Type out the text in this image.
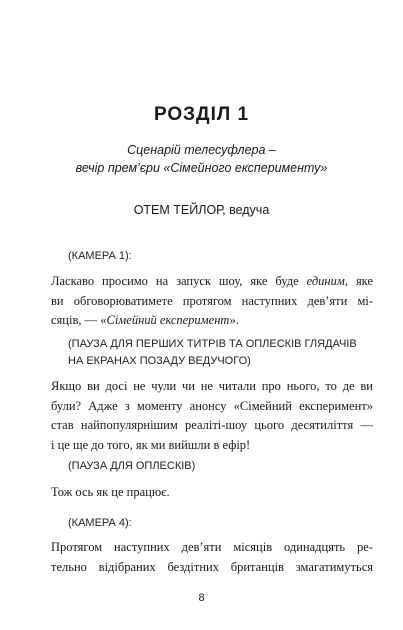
РОЗДІЛ 1

Сценарій телесуфлера –
вечір прем’єри «Сімейного експерименту»

ОТЕМ ТЕЙЛОР, ведуча

(КАМЕРА 1):

Ласкаво просимо на запуск шоу, яке буде единим, яке
ви обговорюватимете протягом наступних дев’яти мі-
сяців, — «Сімейний експеримент».

(ПАУЗА ДЛЯ ПЕРШИХ ТИТРІВ ТА ОПЛЕСКІВ ГЛЯДАЧІВ
НА ЕКРАНАХ ПОЗАДУ ВЕДУЧОГО)

Якщо ви досі не чули чи не читали про нього, то де ви
були? Адже з моменту анонсу «Сімейний експеримент»
став найпопулярнішим реаліті-шоу цього десятиліття —
і це ще до того, як ми вийшли в ефір!

(ПАУЗА ДЛЯ ОПЛЕСКІВ)

Тож ось як це працює.

(КАМЕРА 4):

Протягом наступних дев’яти місяців одинадцять ре-
тельно відібраних бездітних британців змагатимуться

8
